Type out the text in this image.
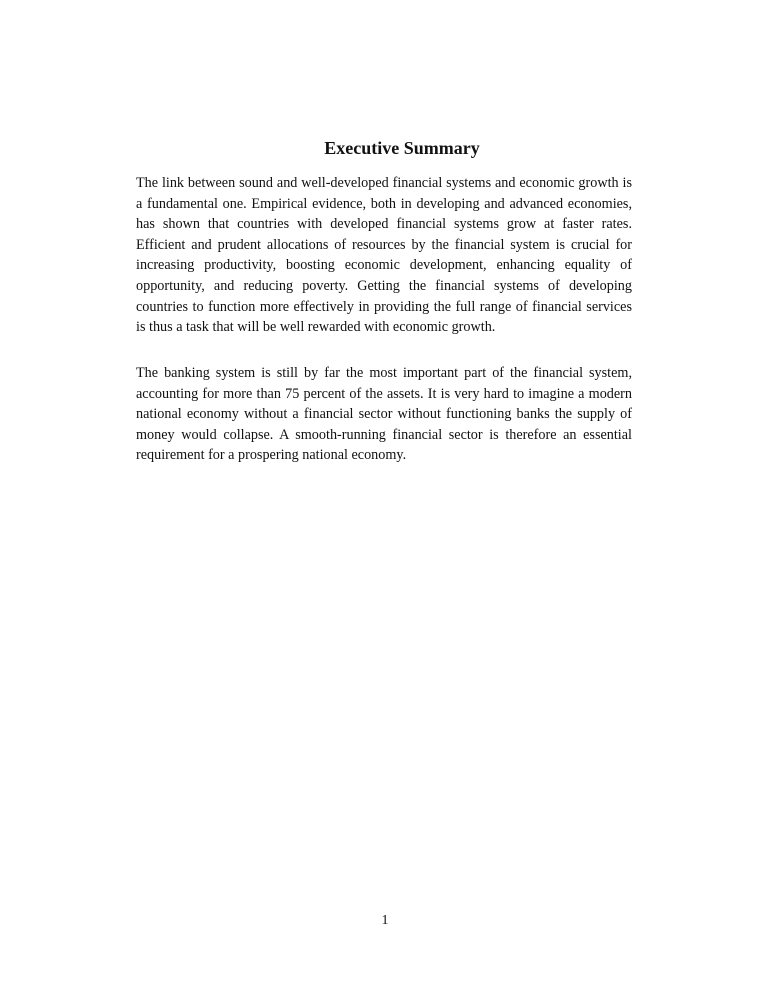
Executive Summary

The link between sound and well-developed financial systems and economic growth is a fundamental one. Empirical evidence, both in developing and advanced economies, has shown that countries with developed financial systems grow at faster rates. Efficient and prudent allocations of resources by the financial system is crucial for increasing productivity, boosting economic development, enhancing equality of opportunity, and reducing poverty. Getting the financial systems of developing countries to function more effectively in providing the full range of financial services is thus a task that will be well rewarded with economic growth.

The banking system is still by far the most important part of the financial system, accounting for more than 75 percent of the assets. It is very hard to imagine a modern national economy without a financial sector without functioning banks the supply of money would collapse. A smooth-running financial sector is therefore an essential requirement for a prospering national economy.

1
